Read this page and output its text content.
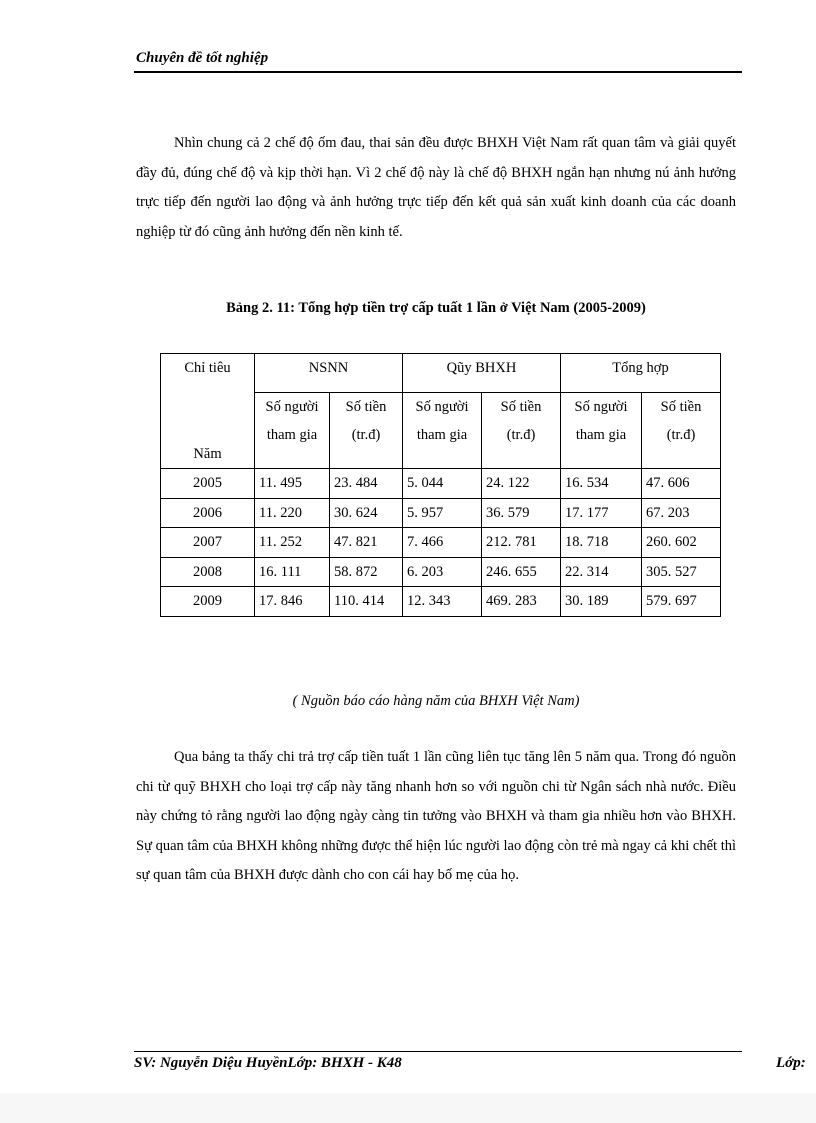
Chuyên đề tốt nghiệp

Nhìn chung cả 2 chế độ ốm đau, thai sản đều được BHXH Việt Nam rất quan tâm và giải quyết đầy đủ, đúng chế độ và kịp thời hạn. Vì 2 chế độ này là chế độ BHXH ngắn hạn nhưng nú ảnh hưởng trực tiếp đến người lao động và ảnh hưởng trực tiếp đến kết quả sản xuất kinh doanh của các doanh nghiệp từ đó cũng ảnh hưởng đến nền kinh tế.

Bảng 2. 11: Tổng hợp tiền trợ cấp tuất 1 lần ở Việt Nam (2005-2009)
Chỉ tiêu
Năm	NSNN		Qũy BHXH		Tổng hợp	
	Số người tham gia	Số tiền (tr.đ)	Số người tham gia	Số tiền (tr.đ)	Số người tham gia	Số tiền (tr.đ)
2005	11. 495	23. 484	5. 044	24. 122	16. 534	47. 606
2006	11. 220	30. 624	5. 957	36. 579	17. 177	67. 203
2007	11. 252	47. 821	7. 466	212. 781	18. 718	260. 602
2008	16. 111	58. 872	6. 203	246. 655	22. 314	305. 527
2009	17. 846	110. 414	12. 343	469. 283	30. 189	579. 697
( Nguồn báo cáo hàng năm của BHXH Việt Nam)

Qua bảng ta thấy chi trả trợ cấp tiền tuất 1 lần cũng liên tục tăng lên 5 năm qua. Trong đó nguồn chi từ quỹ BHXH cho loại trợ cấp này tăng nhanh hơn so với nguồn chi từ Ngân sách nhà nước. Điều này chứng tỏ rằng người lao động ngày càng tin tưởng vào BHXH và tham gia nhiều hơn vào BHXH. Sự quan tâm của BHXH không những được thể hiện lúc người lao động còn trẻ mà ngay cả khi chết thì sự quan tâm của BHXH được dành cho con cái hay bố mẹ của họ.

SV: Nguyễn Diệu HuyềnLớp: BHXH - K48	Lớp:
